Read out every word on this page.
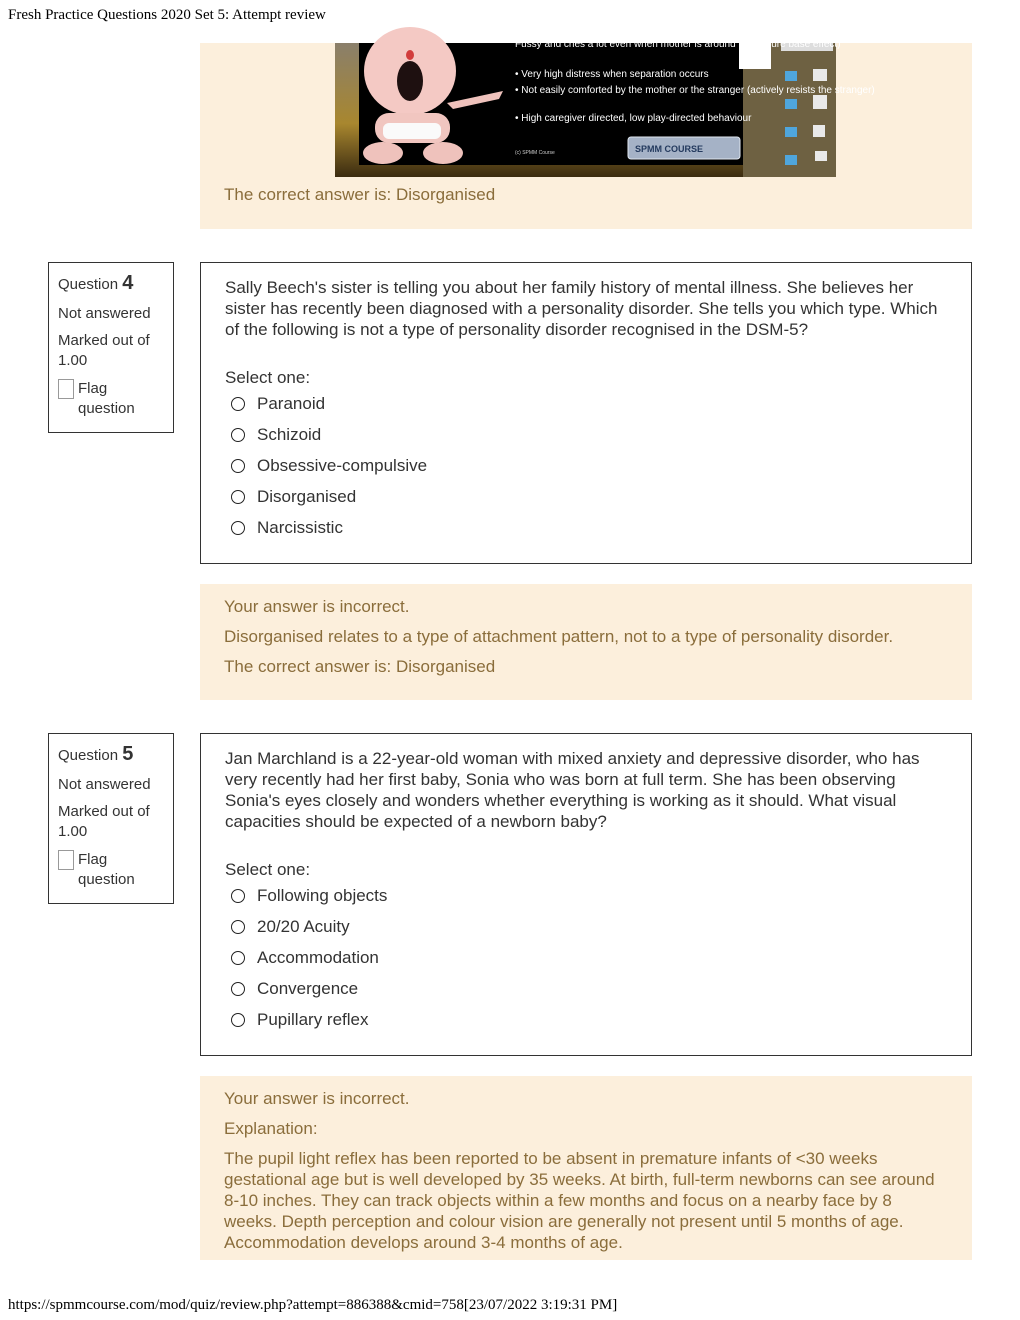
Fresh Practice Questions 2020 Set 5: Attempt review

The correct answer is: Disorganised

Fussy and cries a lot even when mother is around (no secure base effect)
• Very high distress when separation occurs
• Not easily comforted by the mother or the stranger (actively resists the stranger)
• High caregiver directed, low play-directed behaviour
(c) SPMM Course	SPMM COURSE
Question 4
Not answered
Marked out of 1.00
Flag question
Sally Beech's sister is telling you about her family history of mental illness. She believes her sister has recently been diagnosed with a personality disorder. She tells you which type. Which of the following is not a type of personality disorder recognised in the DSM-5?
Select one:
Paranoid
Schizoid
Obsessive-compulsive
Disorganised
Narcissistic

Your answer is incorrect.

Disorganised relates to a type of attachment pattern, not to a type of personality disorder.

The correct answer is: Disorganised

Question 5
Not answered
Marked out of 1.00
Flag question
Jan Marchland is a 22-year-old woman with mixed anxiety and depressive disorder, who has very recently had her first baby, Sonia who was born at full term. She has been observing Sonia's eyes closely and wonders whether everything is working as it should. What visual capacities should be expected of a newborn baby?
Select one:
Following objects
20/20 Acuity
Accommodation
Convergence
Pupillary reflex

Your answer is incorrect.

Explanation:

The pupil light reflex has been reported to be absent in premature infants of <30 weeks gestational age but is well developed by 35 weeks. At birth, full-term newborns can see around 8-10 inches. They can track objects within a few months and focus on a nearby face by 8 weeks. Depth perception and colour vision are generally not present until 5 months of age. Accommodation develops around 3-4 months of age.

https://spmmcourse.com/mod/quiz/review.php?attempt=886388&cmid=758[23/07/2022 3:19:31 PM]
